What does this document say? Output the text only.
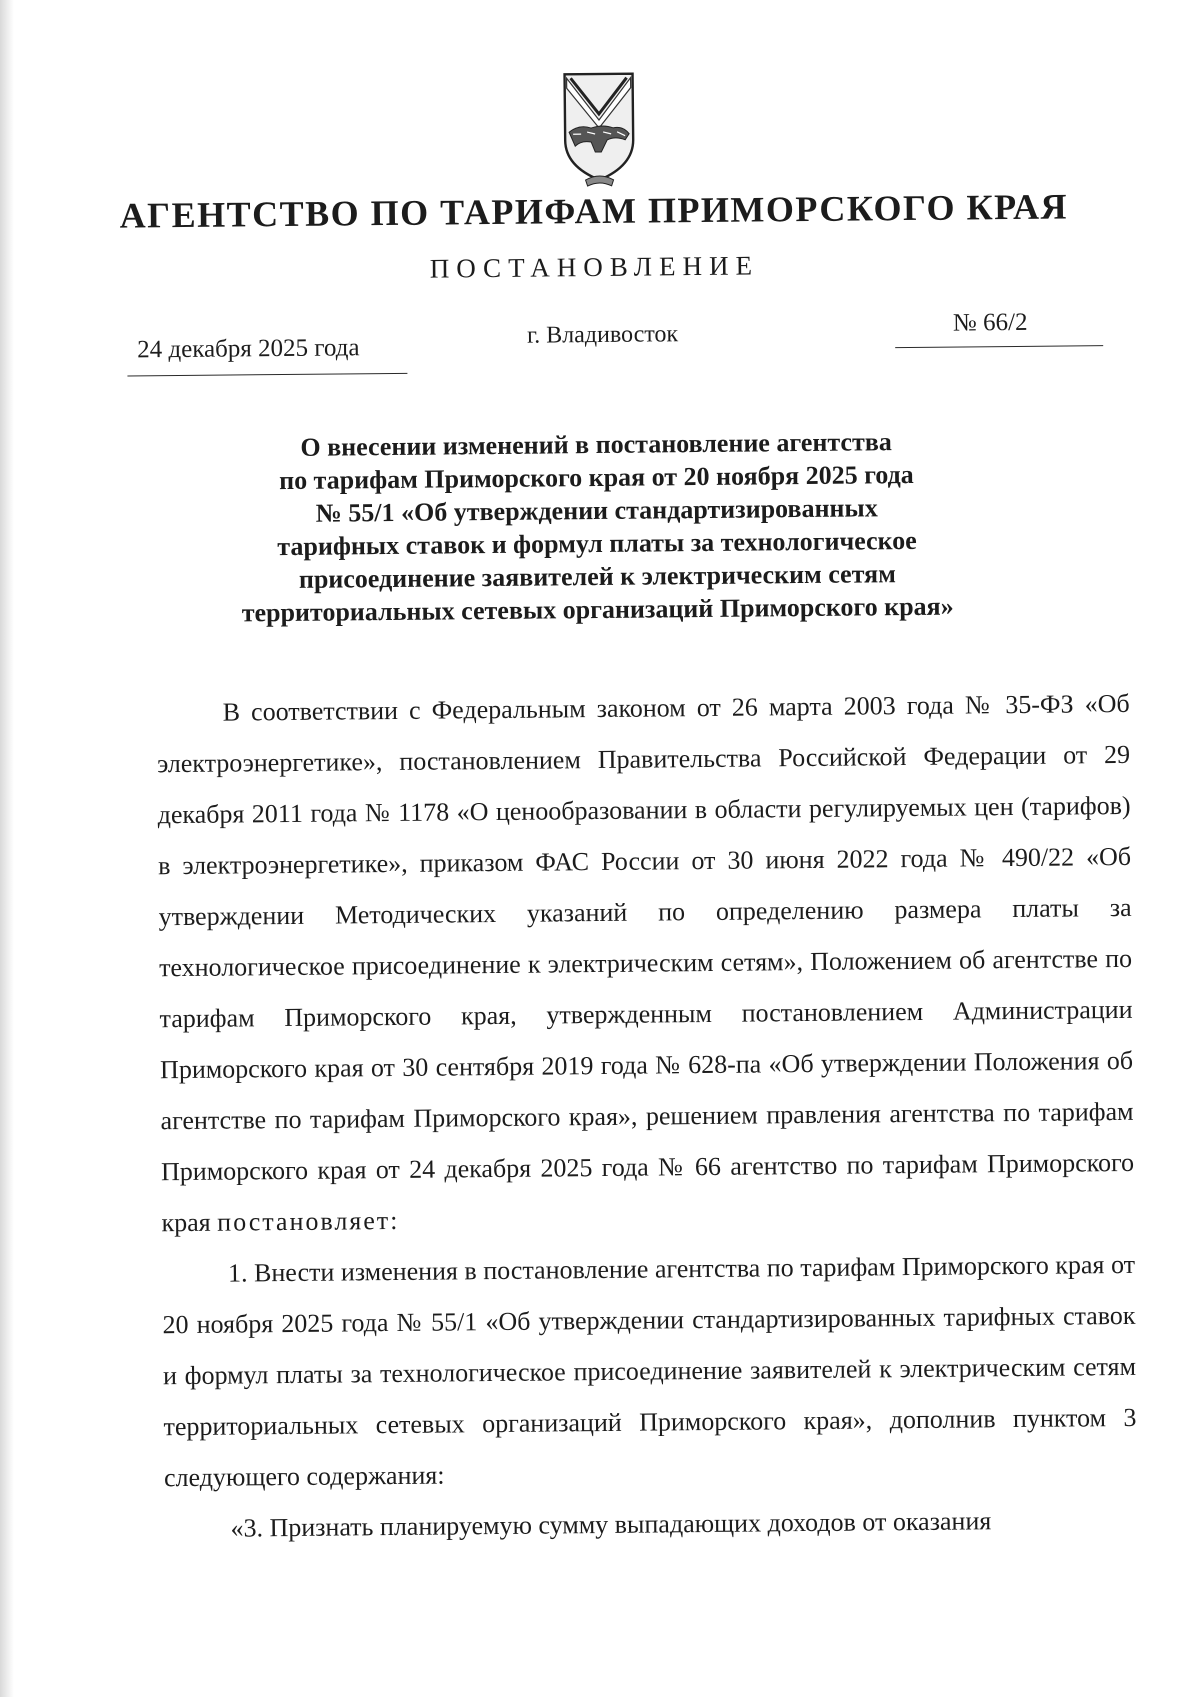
АГЕНТСТВО ПО ТАРИФАМ ПРИМОРСКОГО КРАЯ
ПОСТАНОВЛЕНИЕ
24 декабря 2025 года	г. Владивосток	№ 66/2
О внесении изменений в постановление агентства
по тарифам Приморского края от 20 ноября 2025 года
№ 55/1 «Об утверждении стандартизированных
тарифных ставок и формул платы за технологическое
присоединение заявителей к электрическим сетям
территориальных сетевых организаций Приморского края»

В соответствии с Федеральным законом от 26 марта 2003 года № 35-ФЗ «Об электроэнергетике», постановлением Правительства Российской Федерации от 29 декабря 2011 года № 1178 «О ценообразовании в области регулируемых цен (тарифов) в электроэнергетике», приказом ФАС России от 30 июня 2022 года № 490/22 «Об утверждении Методических указаний по определению размера платы за технологическое присоединение к электрическим сетям», Положением об агентстве по тарифам Приморского края, утвержденным постановлением Администрации Приморского края от 30 сентября 2019 года № 628-па «Об утверждении Положения об агентстве по тарифам Приморского края», решением правления агентства по тарифам Приморского края от 24 декабря 2025 года № 66 агентство по тарифам Приморского края постановляет:

1. Внести изменения в постановление агентства по тарифам Приморского края от 20 ноября 2025 года № 55/1 «Об утверждении стандартизированных тарифных ставок и формул платы за технологическое присоединение заявителей к электрическим сетям территориальных сетевых организаций Приморского края», дополнив пунктом 3 следующего содержания:

«3. Признать планируемую сумму выпадающих доходов от оказания
